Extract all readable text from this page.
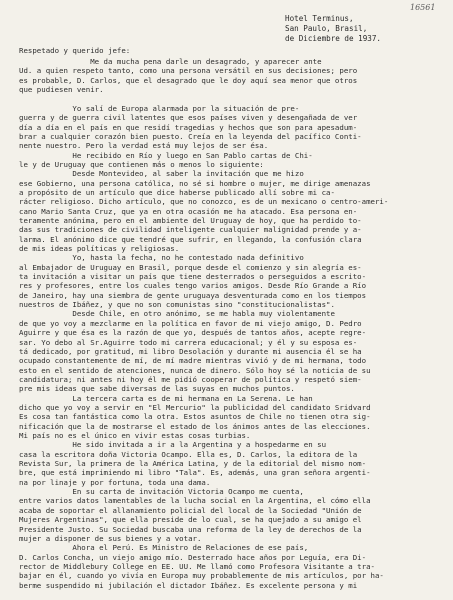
16561
Hotel Terminus,
San Paulo, Brasil,
de Diciembre de 1937.
Respetado y querido jefe:
Me da mucha pena darle un desagrado, y aparecer ante
Ud. a quien respeto tanto, como una persona versátil en sus decisiones; pero
es probable, D. Carlos, que el desagrado que le doy aquí sea menor que otros
que pudiesen venir.
Yo salí de Europa alarmada por la situación de pre-
guerra y de guerra civil latentes que esos países viven y desengañada de ver
día a día en el país en que residí tragedias y hechos que son para apesadum-
brar a cualquier corazón bien puesto. Creía en la leyenda del pacífico Conti-
nente nuestro. Pero la verdad está muy lejos de ser ésa.
He recibido en Río y luego en San Pablo cartas de Chi-
le y de Uruguay que contienen más o menos lo siguiente:
Desde Montevideo, al saber la invitación que me hizo
ese Gobierno, una persona católica, no sé si hombre o mujer, me dirige amenazas
a propósito de un artículo que dice haberse publicado allí sobre mi ca-
rácter religioso. Dicho artículo, que no conozco, es de un mexicano o centro-ameri-
cano Mario Santa Cruz, que ya en otra ocasión me ha atacado. Esa persona en-
teramente anónima, pero en el ambiente del Uruguay de hoy, que ha perdido to-
das sus tradiciones de civilidad inteligente cualquier malignidad prende y a-
larma. El anónimo dice que tendré que sufrir, en llegando, la confusión clara
de mis ideas políticas y religiosas.
Yo, hasta la fecha, no he contestado nada definitivo
al Embajador de Uruguay en Brasil, porque desde el comienzo y sin alegría es-
ta invitación a visitar un país que tiene desterrados o perseguidos a escrito-
res y profesores, entre los cuales tengo varios amigos. Desde Río Grande a Río
de Janeiro, hay una siembra de gente uruguaya desventurada como en los tiempos
nuestros de Ibáñez, y que no son comunistas sino "constitucionalistas".
Desde Chile, en otro anónimo, se me habla muy violentamente
de que yo voy a mezclarme en la política en favor de mi viejo amigo, D. Pedro
Aguirre y que ésa es la razón de que yo, después de tantos años, acepte regre-
sar. Yo debo al Sr.Aguirre todo mi carrera educacional; y él y su esposa es-
tá dedicado, por gratitud, mi libro Desolación y durante mi ausencia él se ha
ocupado constantemente de mí, de mí madre mientras vivió y de mi hermana, todo
esto en el sentido de atenciones, nunca de dinero. Sólo hoy sé la noticia de su
candidatura; ni antes ni hoy él me pidió cooperar de política y respetó siem-
pre mis ideas que sabe diversas de las suyas en muchos puntos.
La tercera carta es de mi hermana en La Serena. Le han
dicho que yo voy a servir en "El Mercurio" la publicidad del candidato Sridvard
Es cosa tan fantástica como la otra. Estos asuntos de Chile no tienen otra sig-
nificación que la de mostrarse el estado de los ánimos antes de las elecciones.
Mi país no es el único en vivir estas cosas turbias.
He sido invitada a ir a la Argentina y a hospedarme en su
casa la escritora doña Victoria Ocampo. Ella es, D. Carlos, la editora de la
Revista Sur, la primera de la América Latina, y de la editorial del mismo nom-
bre, que está imprimiendo mi libro "Tala". Es, además, una gran señora argenti-
na por linaje y por fortuna, toda una dama.
En su carta de invitación Victoria Ocampo me cuenta,
entre varios datos lamentables de la lucha social en la Argentina, el cómo ella
acaba de soportar el allanamiento policial del local de la Sociedad "Unión de
Mujeres Argentinas", que ella preside de lo cual, se ha quejado a su amigo el
Presidente Justo. Su Sociedad buscaba una reforma de la ley de derechos de la
mujer a disponer de sus bienes y a votar.
Ahora el Perú. Es Ministro de Relaciones de ese país,
D. Carlos Concha, un viejo amigo mío. Desterrado hace años por Leguía, era Di-
rector de Middlebury College en EE. UU. Me llamó como Profesora Visitante a tra-
bajar en él, cuando yo vivía en Europa muy probablemente de mis artículos, por ha-
berme suspendido mi jubilación el dictador Ibáñez. Es excelente persona y mi
